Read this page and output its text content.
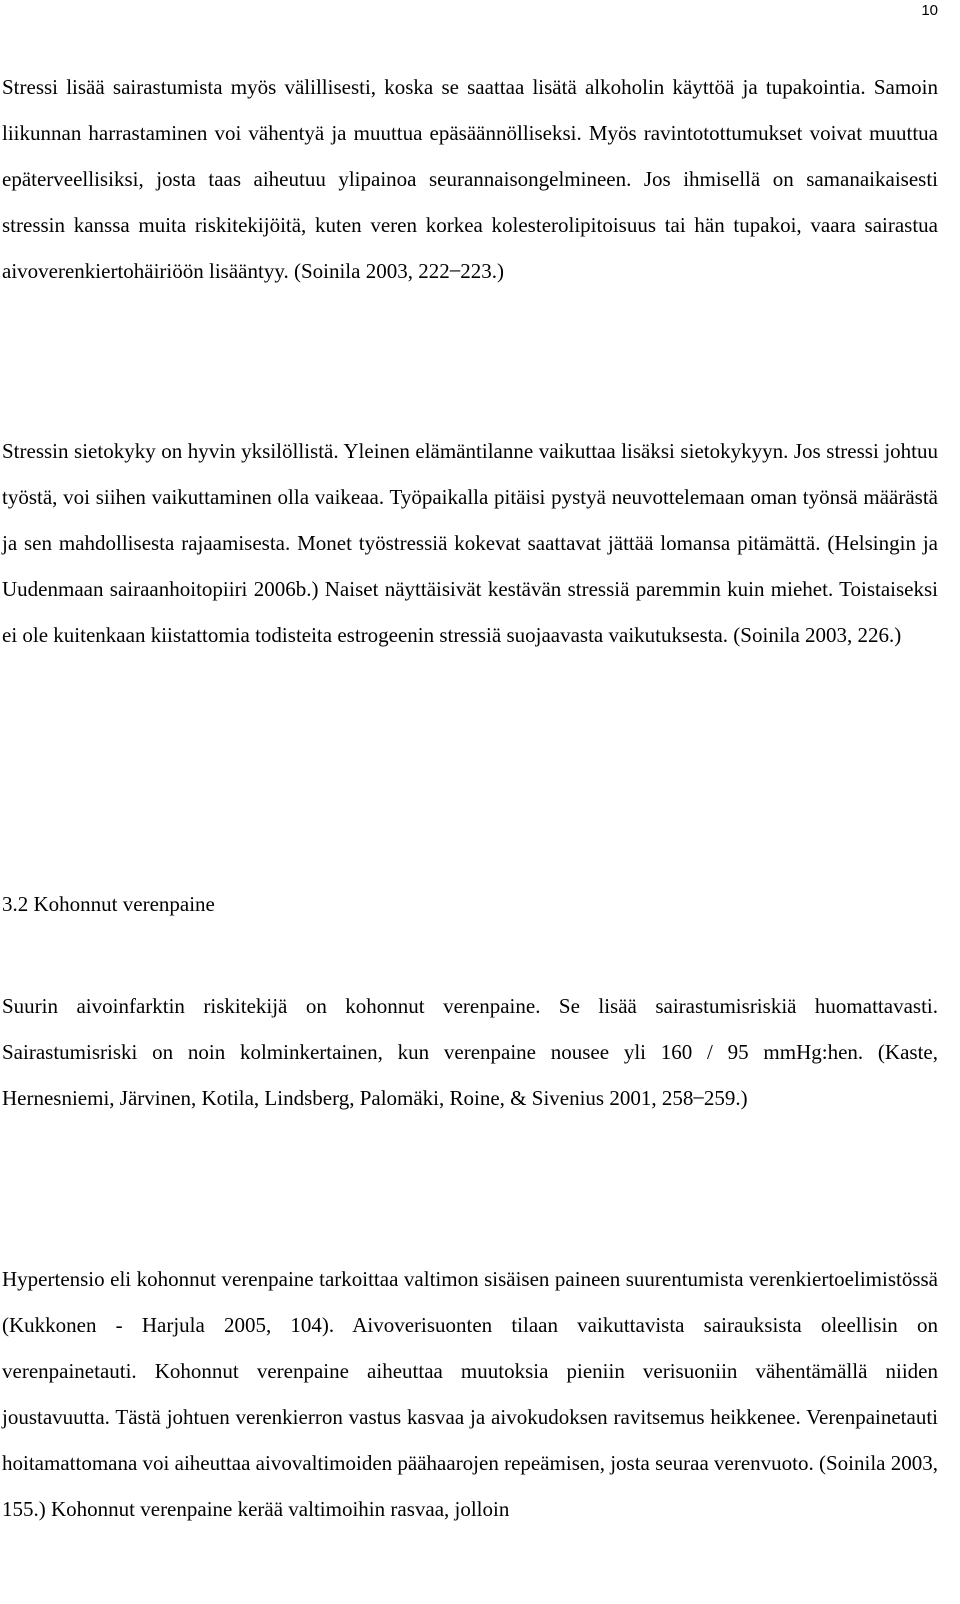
10

Stressi lisää sairastumista myös välillisesti, koska se saattaa lisätä alkoholin käyttöä ja tupakointia. Samoin liikunnan harrastaminen voi vähentyä ja muuttua epäsäännölliseksi. Myös ravintotottumukset voivat muuttua epäterveellisiksi, josta taas aiheutuu ylipainoa seurannaisongelmineen. Jos ihmisellä on samanaikaisesti stressin kanssa muita riskitekijöitä, kuten veren korkea kolesterolipitoisuus tai hän tupakoi, vaara sairastua aivoverenkiertohäiriöön lisääntyy. (Soinila 2003, 222 ̶ 223.)

Stressin sietokyky on hyvin yksilöllistä. Yleinen elämäntilanne vaikuttaa lisäksi sietokykyyn. Jos stressi johtuu työstä, voi siihen vaikuttaminen olla vaikeaa. Työpaikalla pitäisi pystyä neuvottelemaan oman työnsä määrästä ja sen mahdollisesta rajaamisesta. Monet työstressiä kokevat saattavat jättää lomansa pitämättä. (Helsingin ja Uudenmaan sairaanhoitopiiri 2006b.) Naiset näyttäisivät kestävän stressiä paremmin kuin miehet. Toistaiseksi ei ole kuitenkaan kiistattomia todisteita estrogeenin stressiä suojaavasta vaikutuksesta. (Soinila 2003, 226.)

3.2 Kohonnut verenpaine

Suurin aivoinfarktin riskitekijä on kohonnut verenpaine. Se lisää sairastumisriskiä huomattavasti. Sairastumisriski on noin kolminkertainen, kun verenpaine nousee yli 160 / 95 mmHg:hen. (Kaste, Hernesniemi, Järvinen, Kotila, Lindsberg, Palomäki, Roine, & Sivenius 2001, 258 ̶ 259.)

Hypertensio eli kohonnut verenpaine tarkoittaa valtimon sisäisen paineen suurentumista verenkiertoelimistössä (Kukkonen - Harjula 2005, 104). Aivoverisuonten tilaan vaikuttavista sairauksista oleellisin on verenpainetauti. Kohonnut verenpaine aiheuttaa muutoksia pieniin verisuoniin vähentämällä niiden joustavuutta. Tästä johtuen verenkierron vastus kasvaa ja aivokudoksen ravitsemus heikkenee. Verenpainetauti hoitamattomana voi aiheuttaa aivovaltimoiden päähaarojen repeämisen, josta seuraa verenvuoto. (Soinila 2003, 155.) Kohonnut verenpaine kerää valtimoihin rasvaa, jolloin
